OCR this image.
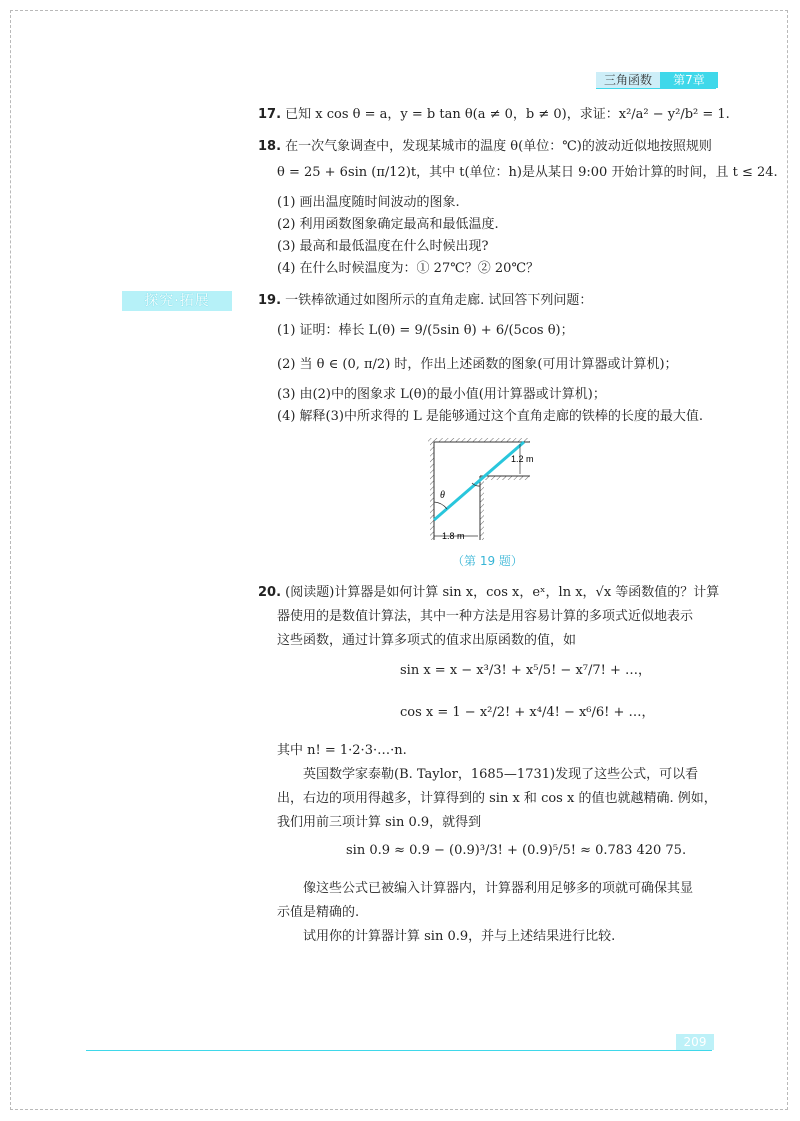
三角函数	第7章
17. 已知 x cos θ = a，y = b tan θ(a ≠ 0，b ≠ 0)，求证：x²/a² − y²/b² = 1.
18. 在一次气象调查中，发现某城市的温度 θ(单位：℃)的波动近似地按照规则
θ = 25 + 6sin (π/12)t，其中 t(单位：h)是从某日 9:00 开始计算的时间，且 t ≤ 24.
(1) 画出温度随时间波动的图象.
(2) 利用函数图象确定最高和最低温度.
(3) 最高和最低温度在什么时候出现?
(4) 在什么时候温度为：① 27℃？② 20℃？
探究·拓展	19. 一铁棒欲通过如图所示的直角走廊. 试回答下列问题：
(1) 证明：棒长 L(θ) = 9/(5sin θ) + 6/(5cos θ)；
(2) 当 θ ∈ (0, π/2) 时，作出上述函数的图象(可用计算器或计算机)；
(3) 由(2)中的图象求 L(θ)的最小值(用计算器或计算机)；
(4) 解释(3)中所求得的 L 是能够通过这个直角走廊的铁棒的长度的最大值.
θ
1.2 m
1.8 m
（第 19 题）
20. (阅读题)计算器是如何计算 sin x，cos x，eˣ，ln x，√x 等函数值的？计算
器使用的是数值计算法，其中一种方法是用容易计算的多项式近似地表示
这些函数，通过计算多项式的值求出原函数的值，如
sin x = x − x³/3! + x⁵/5! − x⁷/7! + …，
cos x = 1 − x²/2! + x⁴/4! − x⁶/6! + …，
其中 n! = 1·2·3·…·n.
英国数学家泰勒(B. Taylor，1685—1731)发现了这些公式，可以看
出，右边的项用得越多，计算得到的 sin x 和 cos x 的值也就越精确. 例如，
我们用前三项计算 sin 0.9，就得到
sin 0.9 ≈ 0.9 − (0.9)³/3! + (0.9)⁵/5! ≈ 0.783 420 75.
像这些公式已被编入计算器内，计算器利用足够多的项就可确保其显
示值是精确的.
试用你的计算器计算 sin 0.9，并与上述结果进行比较.
209
